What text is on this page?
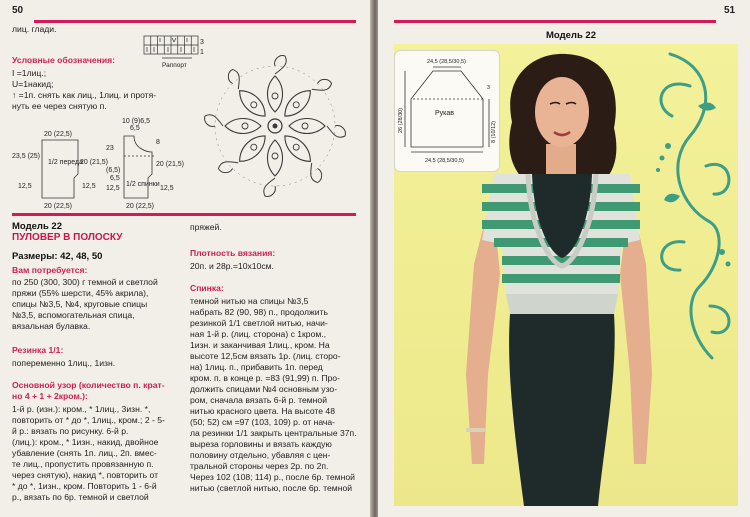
50
лиц. глади.
Условные обозначения:
I =1лиц.;
U=1накид;
↑ =1п. снять как лиц., 1лиц. и протя-
нуть ее через снятую п.
3
1
Раппорт
20 (22,5)
20 (22,5)
23,5 (25)
12,5
20 (21,5)
12,5
1/2 переда
6,5
10 (9)6,5
23
(6,5)
6,5
8
20 (21,5)
12,5	12,5
20 (22,5)
1/2 спинки
Модель 22
ПУЛОВЕР В ПОЛОСКУ
Размеры: 42, 48, 50
Вам потребуется:
по 250 (300, 300) г темной и светлой
пряжи (55% шерсти, 45% акрила),
спицы №3,5, №4, круговые спицы
№3,5, вспомогательная спица,
вязальная булавка.
Резинка 1/1:
попеременно 1лиц., 1изн.
Основной узор (количество п. крат-
но 4 + 1 + 2кром.):
1-й р. (изн.): кром., * 1лиц., 3изн. *,
повторить от * до *, 1лиц., кром.; 2 - 5-
й р.: вязать по рисунку. 6-й р.
(лиц.): кром., * 1изн., накид, двойное
убавление (снять 1п. лиц., 2п. вмес-
те лиц., пропустить провязанную п.
через снятую), накид *, повторить от
* до *, 1изн., кром. Повторить 1 - 6-й
р., вязать по 6р. темной и светлой
пряжей.
Плотность вязания:
20п. и 28р.=10х10см.
Спинка:
темной нитью на спицы №3,5
набрать 82 (90, 98) п., продолжить
резинкой 1/1 светлой нитью, начи-
ная 1-й р. (лиц. сторона) с 1кром.,
1изн. и заканчивая 1лиц., кром. На
высоте 12,5см вязать 1р. (лиц. сторо-
на) 1лиц. п., прибавить 1п. перед
кром. п. в конце р. =83 (91,99) п. Про-
должить спицами №4 основным узо-
ром, сначала вязать 6-й р. темной
нитью красного цвета. На высоте 48
(50; 52) см =97 (103, 109) р. от нача-
ла резинки 1/1 закрыть центральные 37п.
выреза горловины и вязать каждую
половину отдельно, убавляя с цен-
тральной стороны через 2р. по 2п.
Через 102 (108; 114) р., после 6р. темной
нитью (светлой нитью, после 6р. темной
51
Модель 22
24,5 (28,5/30,5)
24,5 (28,5/30,5)
26 (28/30)	8 (10/12)
3
Рукав
